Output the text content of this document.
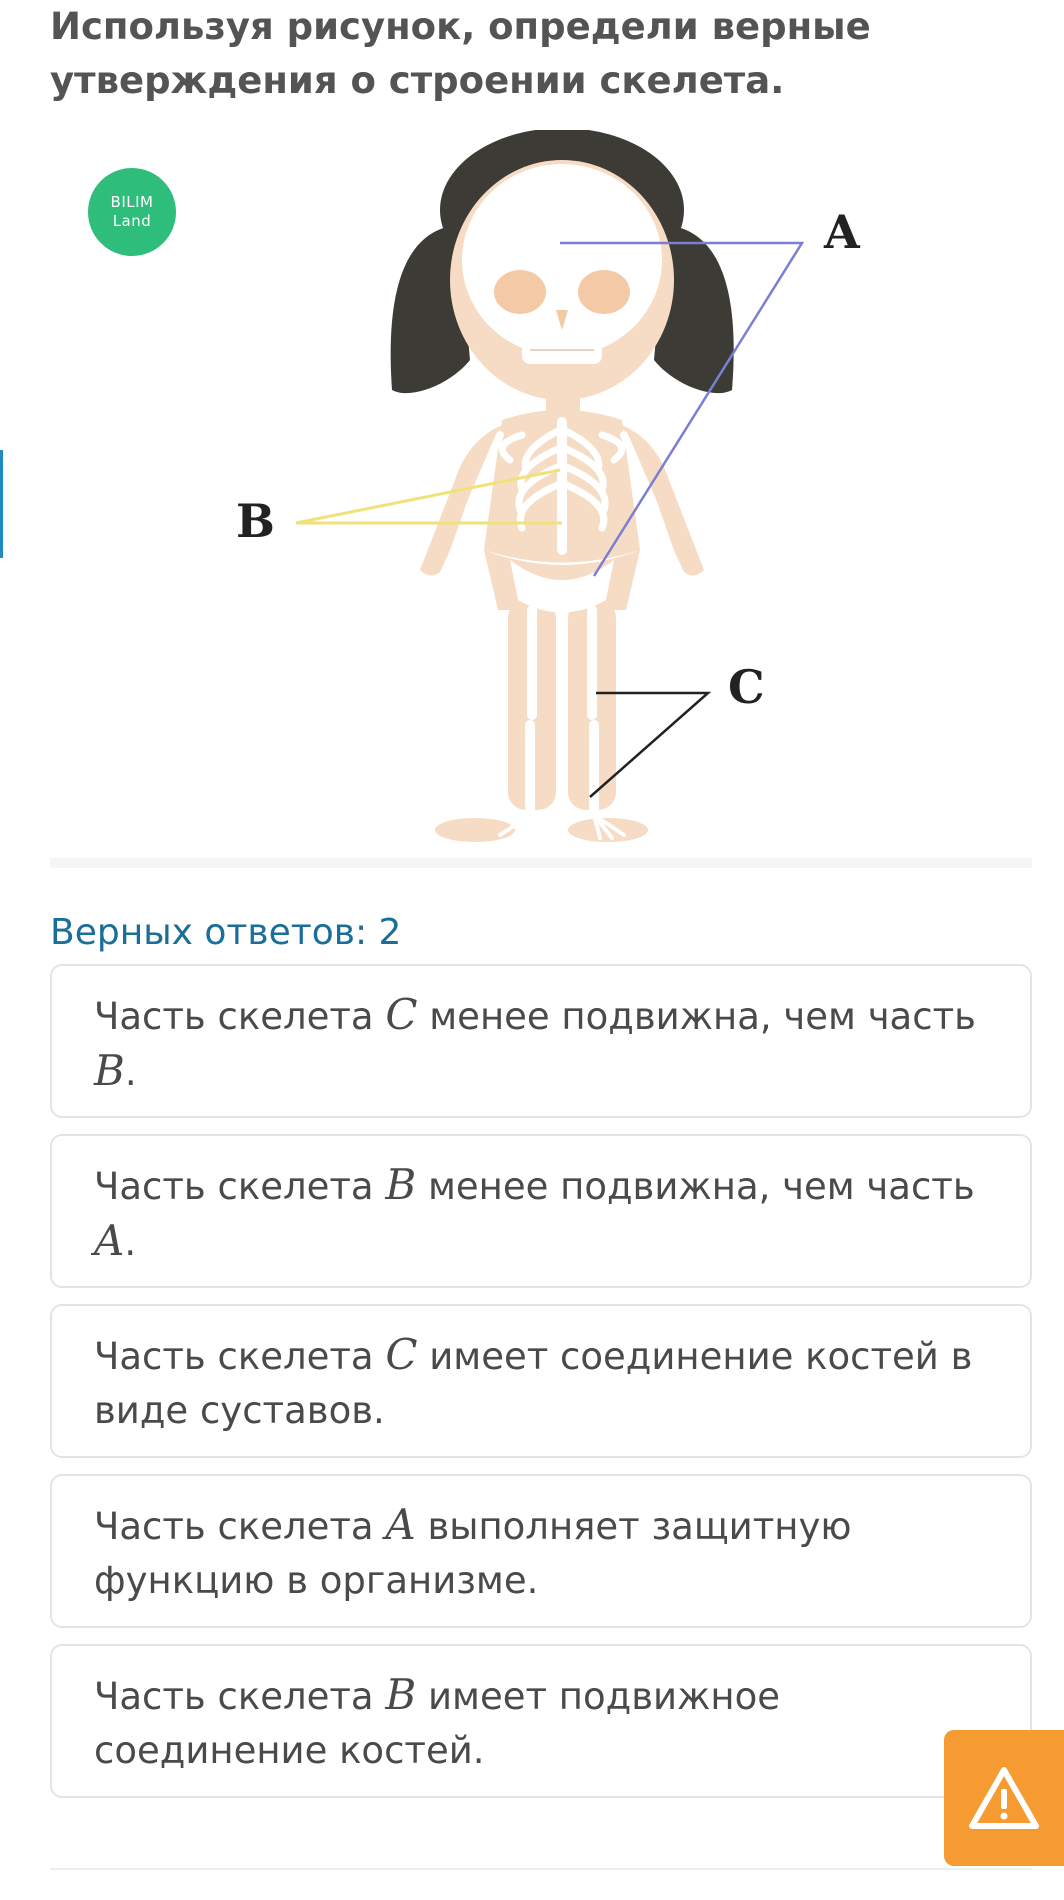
Используя рисунок, определи верные утверждения о строении скелета.
BILIM
Land	A
B
C
Верных ответов: 2
Часть скелета C менее подвижна, чем часть B.
Часть скелета B менее подвижна, чем часть A.
Часть скелета C имеет соединение костей в виде суставов.
Часть скелета A выполняет защитную функцию в организме.
Часть скелета B имеет подвижное соединение костей.
